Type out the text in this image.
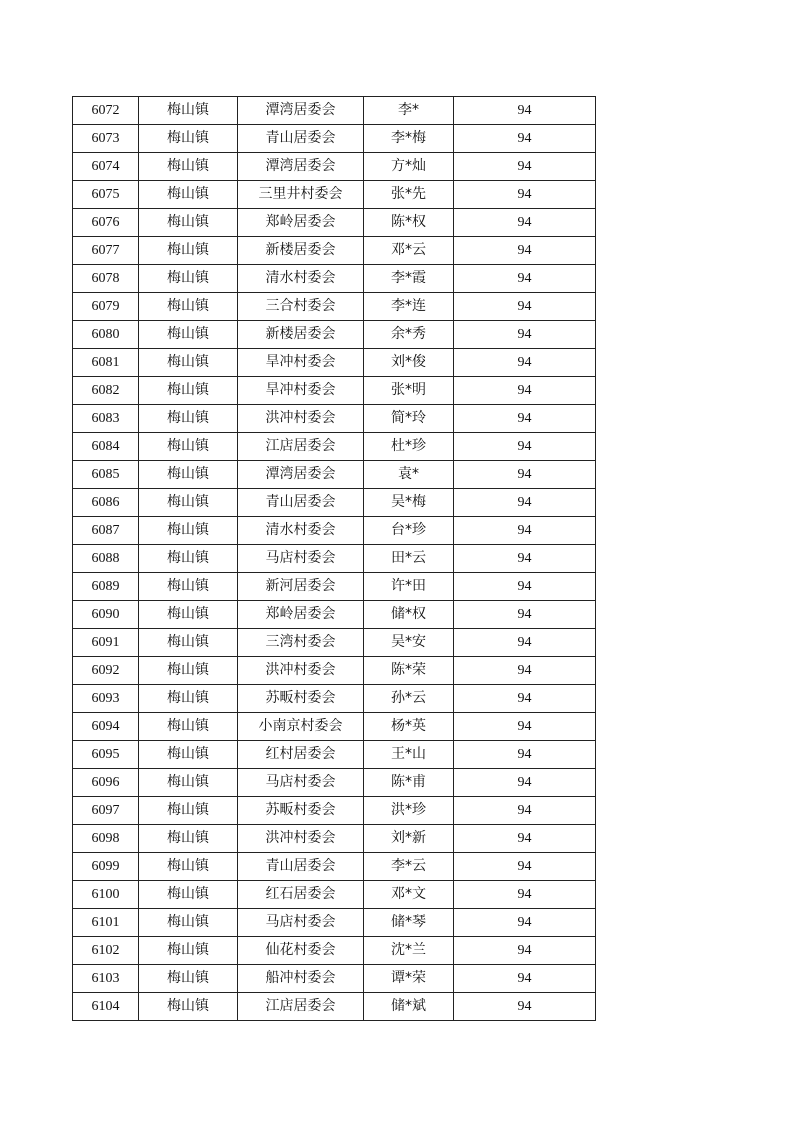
6072	梅山镇	潭湾居委会	李*	94
6073	梅山镇	青山居委会	李*梅	94
6074	梅山镇	潭湾居委会	方*灿	94
6075	梅山镇	三里井村委会	张*先	94
6076	梅山镇	郑岭居委会	陈*权	94
6077	梅山镇	新楼居委会	邓*云	94
6078	梅山镇	清水村委会	李*霞	94
6079	梅山镇	三合村委会	李*连	94
6080	梅山镇	新楼居委会	余*秀	94
6081	梅山镇	旱冲村委会	刘*俊	94
6082	梅山镇	旱冲村委会	张*明	94
6083	梅山镇	洪冲村委会	简*玲	94
6084	梅山镇	江店居委会	杜*珍	94
6085	梅山镇	潭湾居委会	袁*	94
6086	梅山镇	青山居委会	吴*梅	94
6087	梅山镇	清水村委会	台*珍	94
6088	梅山镇	马店村委会	田*云	94
6089	梅山镇	新河居委会	许*田	94
6090	梅山镇	郑岭居委会	储*权	94
6091	梅山镇	三湾村委会	吴*安	94
6092	梅山镇	洪冲村委会	陈*荣	94
6093	梅山镇	苏畈村委会	孙*云	94
6094	梅山镇	小南京村委会	杨*英	94
6095	梅山镇	红村居委会	王*山	94
6096	梅山镇	马店村委会	陈*甫	94
6097	梅山镇	苏畈村委会	洪*珍	94
6098	梅山镇	洪冲村委会	刘*新	94
6099	梅山镇	青山居委会	李*云	94
6100	梅山镇	红石居委会	邓*文	94
6101	梅山镇	马店村委会	储*琴	94
6102	梅山镇	仙花村委会	沈*兰	94
6103	梅山镇	船冲村委会	谭*荣	94
6104	梅山镇	江店居委会	储*斌	94
